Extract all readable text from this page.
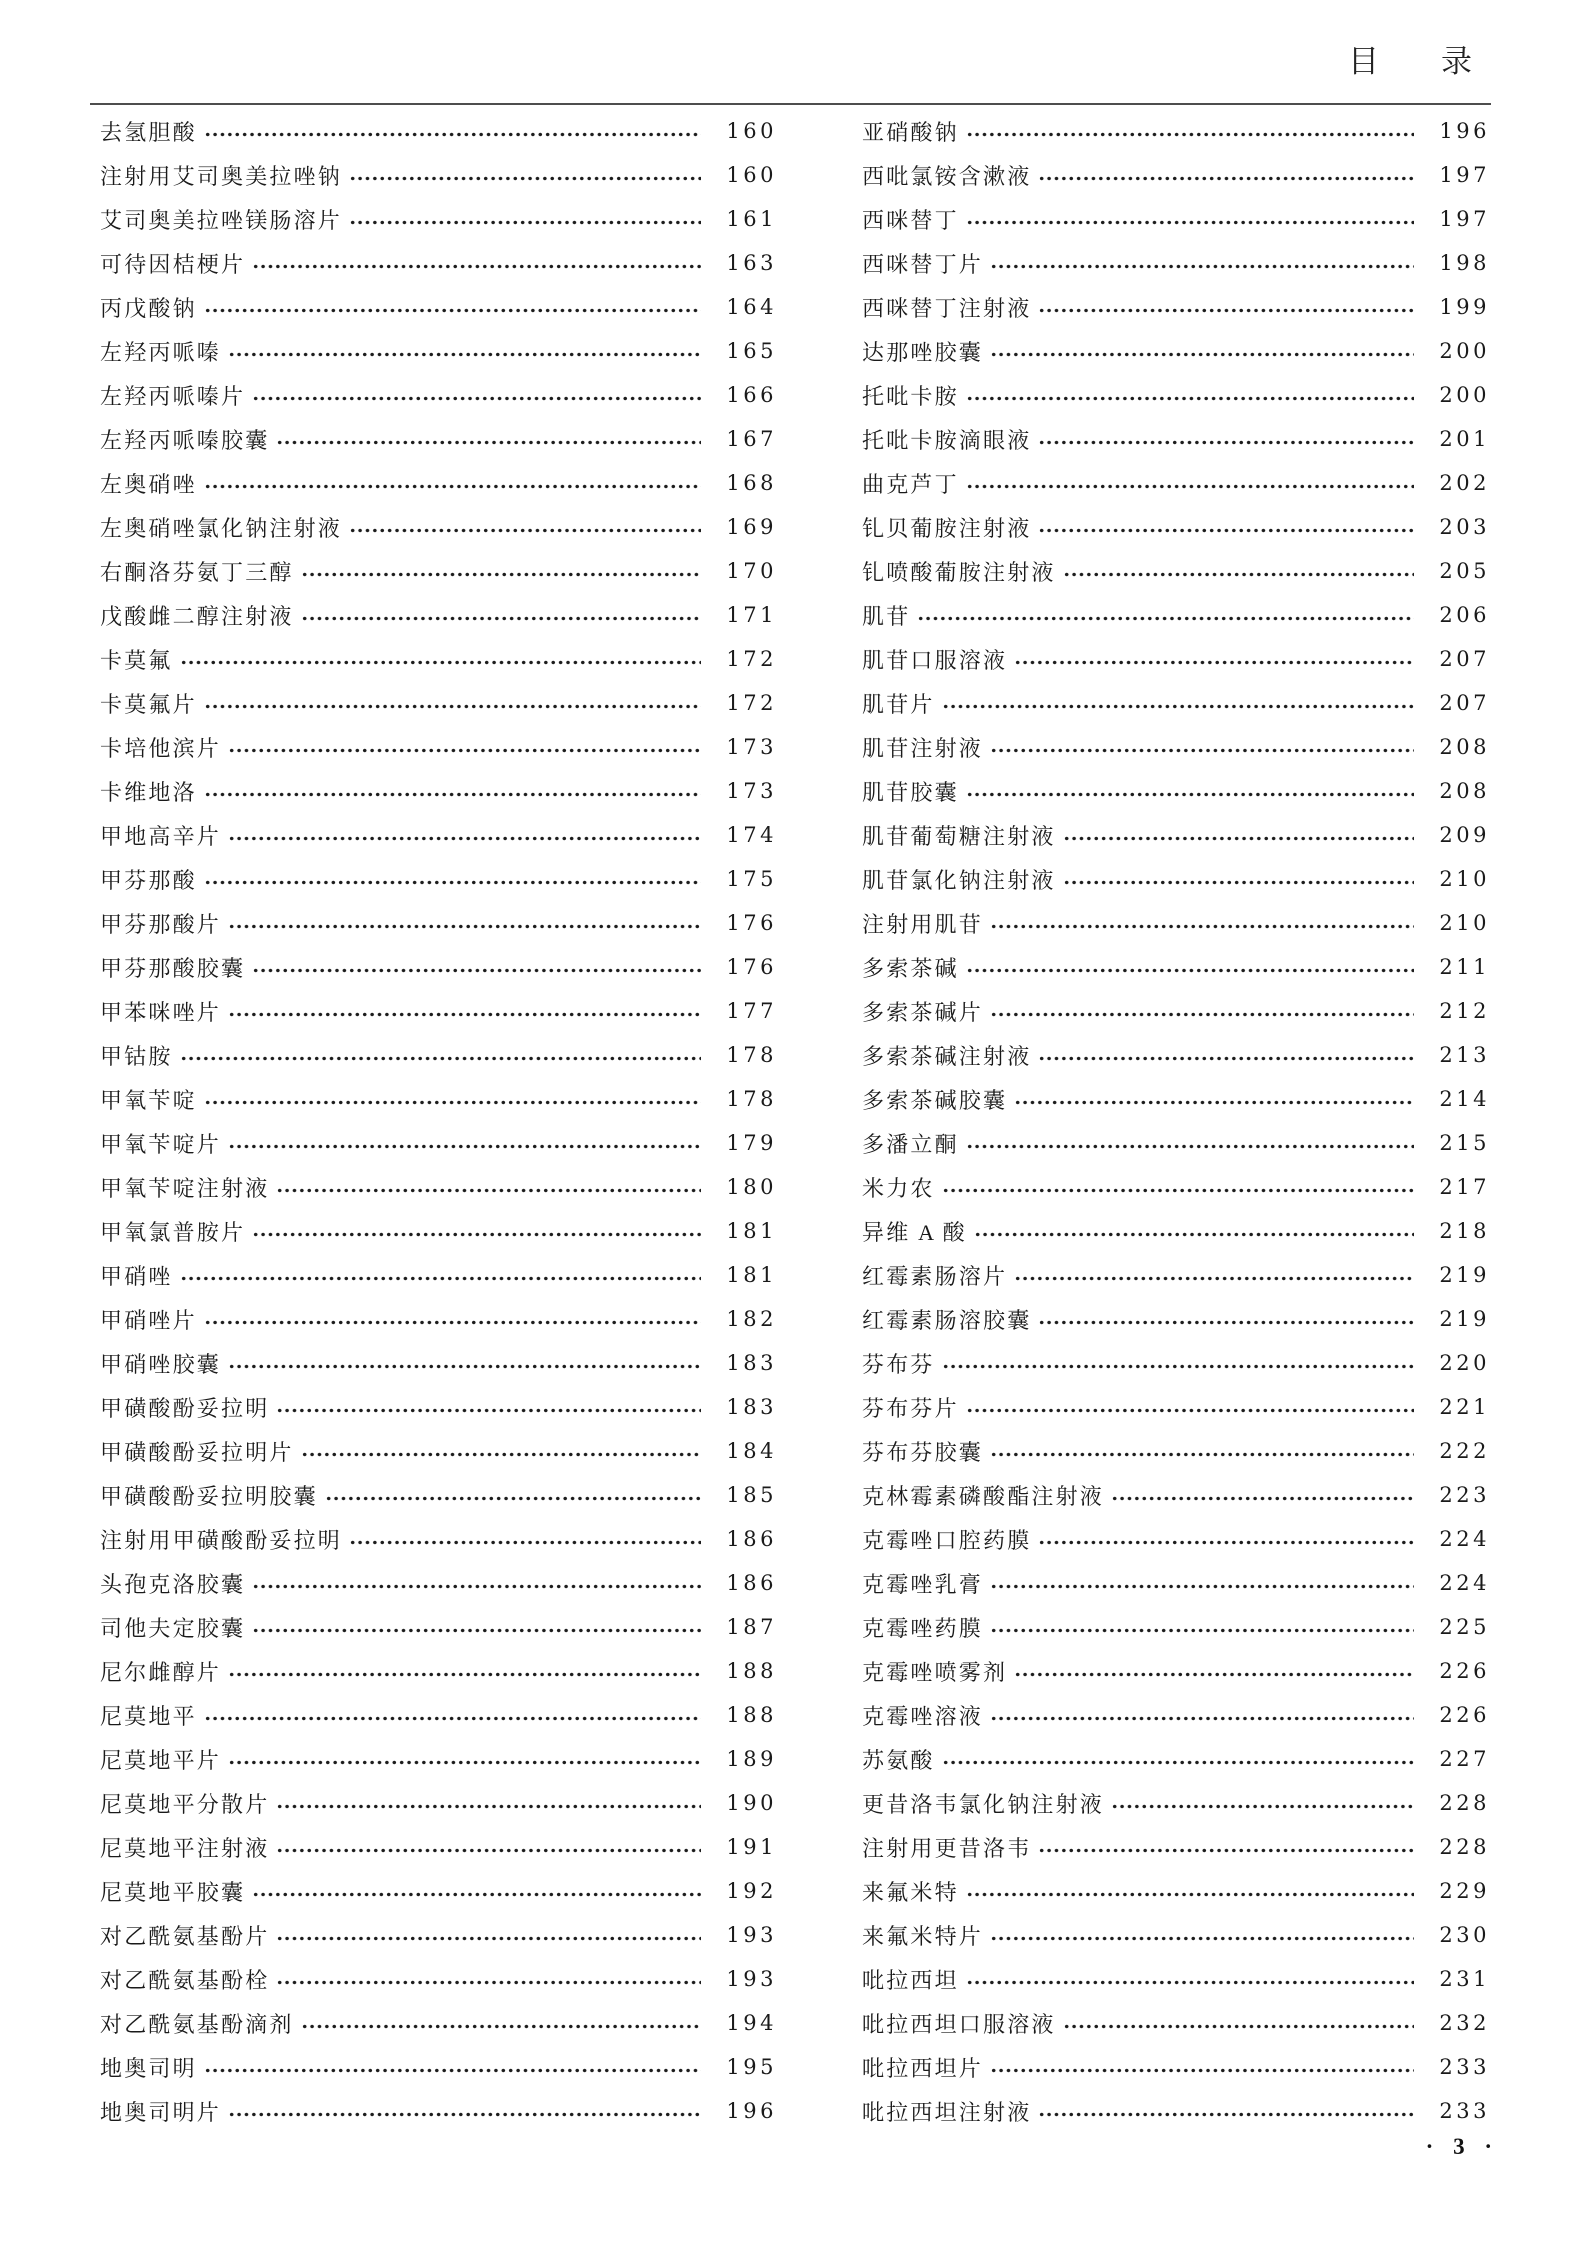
目　　录
去氢胆酸	160
注射用艾司奥美拉唑钠	160
艾司奥美拉唑镁肠溶片	161
可待因桔梗片	163
丙戊酸钠	164
左羟丙哌嗪	165
左羟丙哌嗪片	166
左羟丙哌嗪胶囊	167
左奥硝唑	168
左奥硝唑氯化钠注射液	169
右酮洛芬氨丁三醇	170
戊酸雌二醇注射液	171
卡莫氟	172
卡莫氟片	172
卡培他滨片	173
卡维地洛	173
甲地高辛片	174
甲芬那酸	175
甲芬那酸片	176
甲芬那酸胶囊	176
甲苯咪唑片	177
甲钴胺	178
甲氧苄啶	178
甲氧苄啶片	179
甲氧苄啶注射液	180
甲氧氯普胺片	181
甲硝唑	181
甲硝唑片	182
甲硝唑胶囊	183
甲磺酸酚妥拉明	183
甲磺酸酚妥拉明片	184
甲磺酸酚妥拉明胶囊	185
注射用甲磺酸酚妥拉明	186
头孢克洛胶囊	186
司他夫定胶囊	187
尼尔雌醇片	188
尼莫地平	188
尼莫地平片	189
尼莫地平分散片	190
尼莫地平注射液	191
尼莫地平胶囊	192
对乙酰氨基酚片	193
对乙酰氨基酚栓	193
对乙酰氨基酚滴剂	194
地奥司明	195
地奥司明片	196
亚硝酸钠	196
西吡氯铵含漱液	197
西咪替丁	197
西咪替丁片	198
西咪替丁注射液	199
达那唑胶囊	200
托吡卡胺	200
托吡卡胺滴眼液	201
曲克芦丁	202
钆贝葡胺注射液	203
钆喷酸葡胺注射液	205
肌苷	206
肌苷口服溶液	207
肌苷片	207
肌苷注射液	208
肌苷胶囊	208
肌苷葡萄糖注射液	209
肌苷氯化钠注射液	210
注射用肌苷	210
多索茶碱	211
多索茶碱片	212
多索茶碱注射液	213
多索茶碱胶囊	214
多潘立酮	215
米力农	217
异维 A 酸	218
红霉素肠溶片	219
红霉素肠溶胶囊	219
芬布芬	220
芬布芬片	221
芬布芬胶囊	222
克林霉素磷酸酯注射液	223
克霉唑口腔药膜	224
克霉唑乳膏	224
克霉唑药膜	225
克霉唑喷雾剂	226
克霉唑溶液	226
苏氨酸	227
更昔洛韦氯化钠注射液	228
注射用更昔洛韦	228
来氟米特	229
来氟米特片	230
吡拉西坦	231
吡拉西坦口服溶液	232
吡拉西坦片	233
吡拉西坦注射液	233
· 3 ·
